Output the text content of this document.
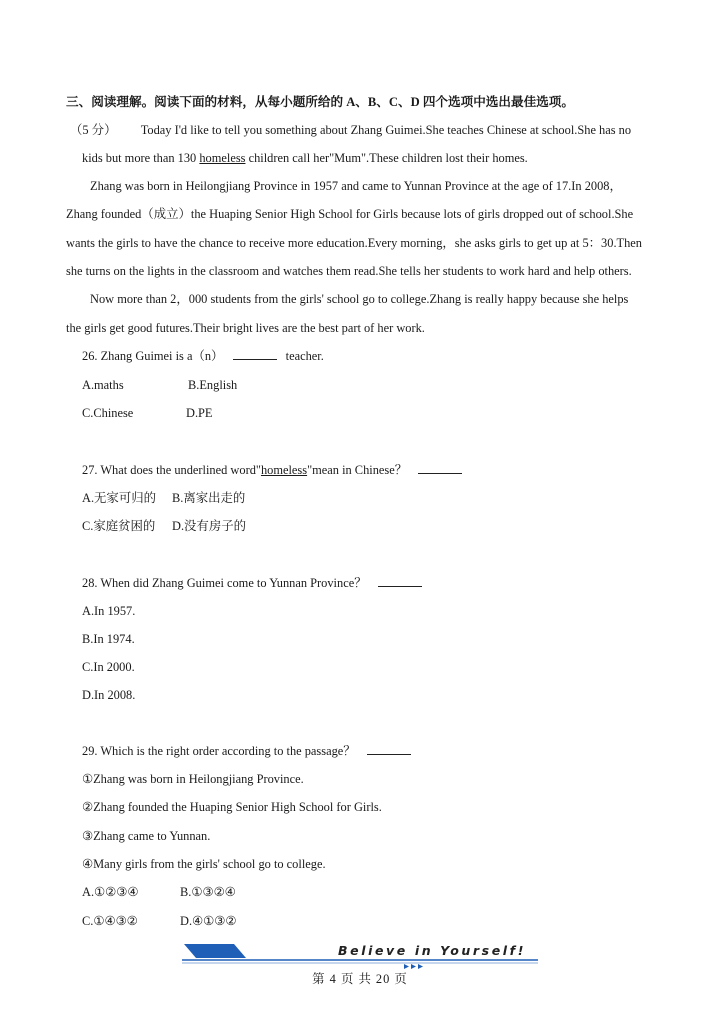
三、阅读理解。阅读下面的材料，从每小题所给的 A、B、C、D 四个选项中选出最佳选项。
（5 分） Today I'd like to tell you something about Zhang Guimei.She teaches Chinese at school.She has no
kids but more than 130 homeless children call her"Mum".These children lost their homes.
Zhang was born in Heilongjiang Province in 1957 and came to Yunnan Province at the age of 17.In 2008，
Zhang founded（成立）the Huaping Senior High School for Girls because lots of girls dropped out of school.She
wants the girls to have the chance to receive more education.Every morning，she asks girls to get up at 5：30.Then
she turns on the lights in the classroom and watches them read.She tells her students to work hard and help others.
Now more than 2，000 students from the girls' school go to college.Zhang is really happy because she helps
the girls get good futures.Their bright lives are the best part of her work.
26. Zhang Guimei is a（n）	teacher.
A.maths	B.English
C.Chinese	D.PE
27. What does the underlined word"homeless"mean in Chinese？
A.无家可归的 B.离家出走的
C.家庭贫困的 D.没有房子的
28. When did Zhang Guimei come to Yunnan Province？
A.In 1957.
B.In 1974.
C.In 2000.
D.In 2008.
29. Which is the right order according to the passage？
①Zhang was born in Heilongjiang Province.
②Zhang founded the Huaping Senior High School for Girls.
③Zhang came to Yunnan.
④Many girls from the girls' school go to college.
A.①②③④	B.①③②④
C.①④③②	D.④①③②
Believe in Yourself!
第 4 页 共 20 页
